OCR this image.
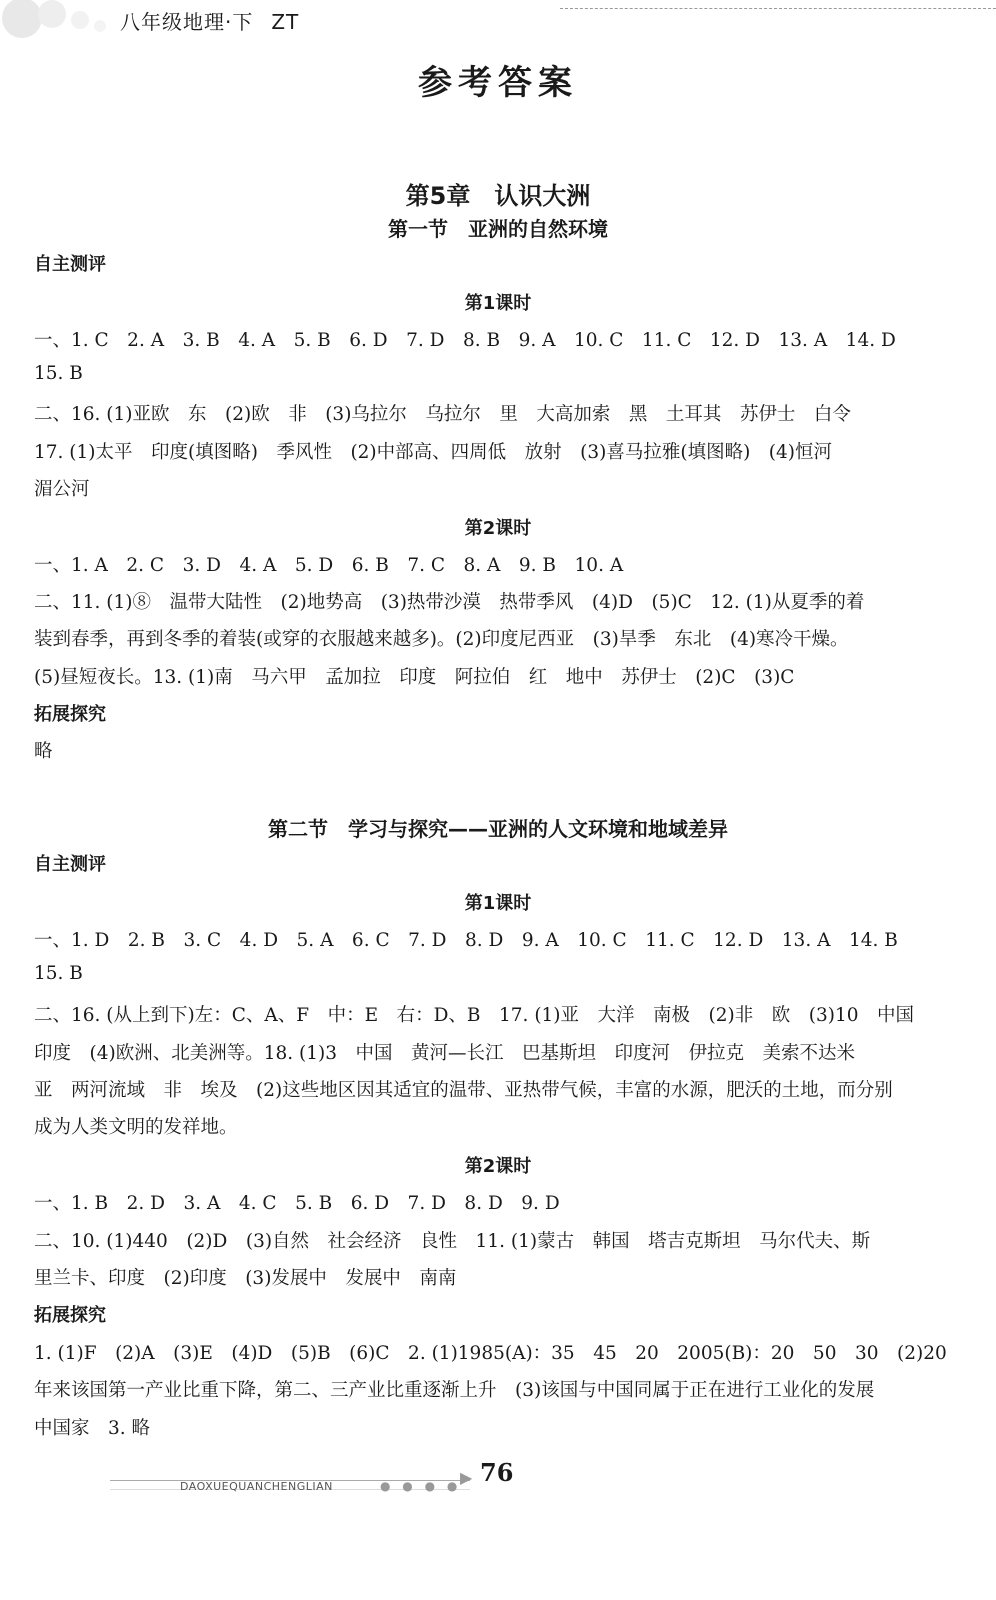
八年级地理·下 ZT
参考答案
第5章　认识大洲
第一节　亚洲的自然环境
自主测评
第1课时
一、1. C　2. A　3. B　4. A　5. B　6. D　7. D　8. B　9. A　10. C　11. C　12. D　13. A　14. D
15. B
二、16. (1)亚欧　东　(2)欧　非　(3)乌拉尔　乌拉尔　里　大高加索　黑　土耳其　苏伊士　白令
17. (1)太平　印度(填图略)　季风性　(2)中部高、四周低　放射　(3)喜马拉雅(填图略)　(4)恒河
湄公河
第2课时
一、1. A　2. C　3. D　4. A　5. D　6. B　7. C　8. A　9. B　10. A
二、11. (1)⑧　温带大陆性　(2)地势高　(3)热带沙漠　热带季风　(4)D　(5)C　12. (1)从夏季的着
装到春季，再到冬季的着装(或穿的衣服越来越多)。(2)印度尼西亚　(3)旱季　东北　(4)寒冷干燥。
(5)昼短夜长。13. (1)南　马六甲　孟加拉　印度　阿拉伯　红　地中　苏伊士　(2)C　(3)C
拓展探究
略
第二节　学习与探究——亚洲的人文环境和地域差异
自主测评
第1课时
一、1. D　2. B　3. C　4. D　5. A　6. C　7. D　8. D　9. A　10. C　11. C　12. D　13. A　14. B
15. B
二、16. (从上到下)左：C、A、F　中：E　右：D、B　17. (1)亚　大洋　南极　(2)非　欧　(3)10　中国
印度　(4)欧洲、北美洲等。18. (1)3　中国　黄河—长江　巴基斯坦　印度河　伊拉克　美索不达米
亚　两河流域　非　埃及　(2)这些地区因其适宜的温带、亚热带气候，丰富的水源，肥沃的土地，而分别
成为人类文明的发祥地。
第2课时
一、1. B　2. D　3. A　4. C　5. B　6. D　7. D　8. D　9. D
二、10. (1)440　(2)D　(3)自然　社会经济　良性　11. (1)蒙古　韩国　塔吉克斯坦　马尔代夫、斯
里兰卡、印度　(2)印度　(3)发展中　发展中　南南
拓展探究
1. (1)F　(2)A　(3)E　(4)D　(5)B　(6)C　2. (1)1985(A)：35　45　20　2005(B)：20　50　30　(2)20
年来该国第一产业比重下降，第二、三产业比重逐渐上升　(3)该国与中国同属于正在进行工业化的发展
中国家　3. 略
DAOXUEQUANCHENGLIAN	● ● ● ●
▶ 76
